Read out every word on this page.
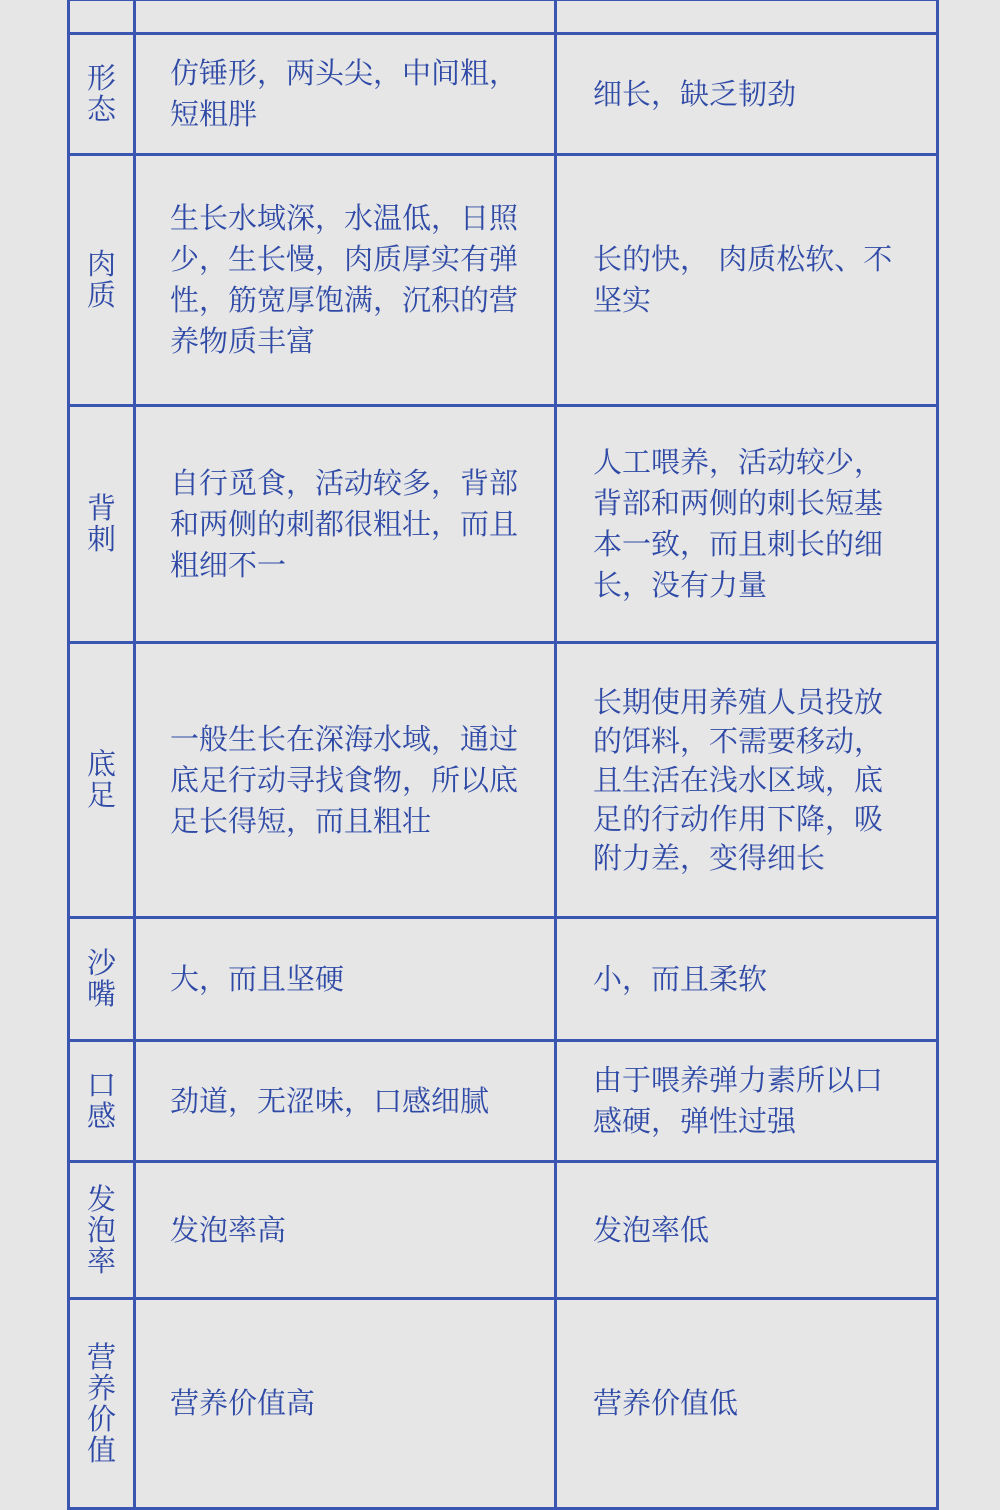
形态	仿锤形，两头尖，中间粗，短粗胖	细长，缺乏韧劲

肉质	生长水域深，水温低，日照少，生长慢，肉质厚实有弹性，筋宽厚饱满，沉积的营养物质丰富	长的快， 肉质松软、不坚实

背刺	自行觅食，活动较多，背部和两侧的刺都很粗壮，而且粗细不一	人工喂养，活动较少，背部和两侧的刺长短基本一致，而且刺长的细长，没有力量

底足	一般生长在深海水域，通过底足行动寻找食物，所以底足长得短，而且粗壮	长期使用养殖人员投放的饵料，不需要移动，且生活在浅水区域，底足的行动作用下降，吸附力差，变得细长

沙嘴	大，而且坚硬	小，而且柔软

口感	劲道，无涩味，口感细腻	由于喂养弹力素所以口感硬，弹性过强

发泡率	发泡率高	发泡率低

营养价值	营养价值高	营养价值低
